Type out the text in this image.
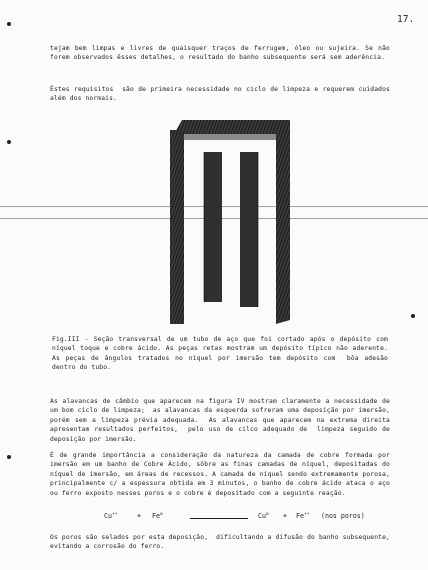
17.
tejam bem limpas e livres de quaisquer traços de ferrugem, óleo ou sujeira. Se não forem observados êsses detalhes, o resultado do banho subsequente será sem aderência.
Êstes requisitos  são de primeira necessidade no ciclo de limpeza e requerem cuidados além dos normais.
Fig.III - Seção transversal de um tubo de aço que foi cortado após o depósito com níquel toque e cobre ácido. As peças retas mostram um depósito típico não aderente. As peças de ângulos tratados no níquel por imersão tem depósito com  bôa adesão dentro do tubo.
As alavancas de câmbio que aparecem na figura IV mostram claramente a necessidade de um bom ciclo de limpeza;  as alavancas da esquerda sofreram uma deposição por imersão, porém sem a limpeza prévia adequada.  As alavancas que aparecem na extrema direita apresentam resultados perfeitos,  pelo uso de cilco adequado de  limpeza seguido de deposição por imersão.
É de grande importância a consideração da natureza da camada de cobre formada por imersão em um banho de Cobre Ácido, sôbre as finas camadas de níquel, depositadas do níquel de imersão, em áreas de recessos. A camada de níquel sendo extremamente porosa, principalmente c/ a espessura obtida em 3 minutos, o banho de cobre ácido ataca o aço ou ferro exposto nesses poros e o cobre é depositado com a seguinte reação.
Cu++	+ $Fe^o$	$Cu^o + Fe^{++}$ (nos poros)
Os poros são selados por esta deposição,  dificultando a difusão do banho subsequente, evitando a corrosão do ferro.
